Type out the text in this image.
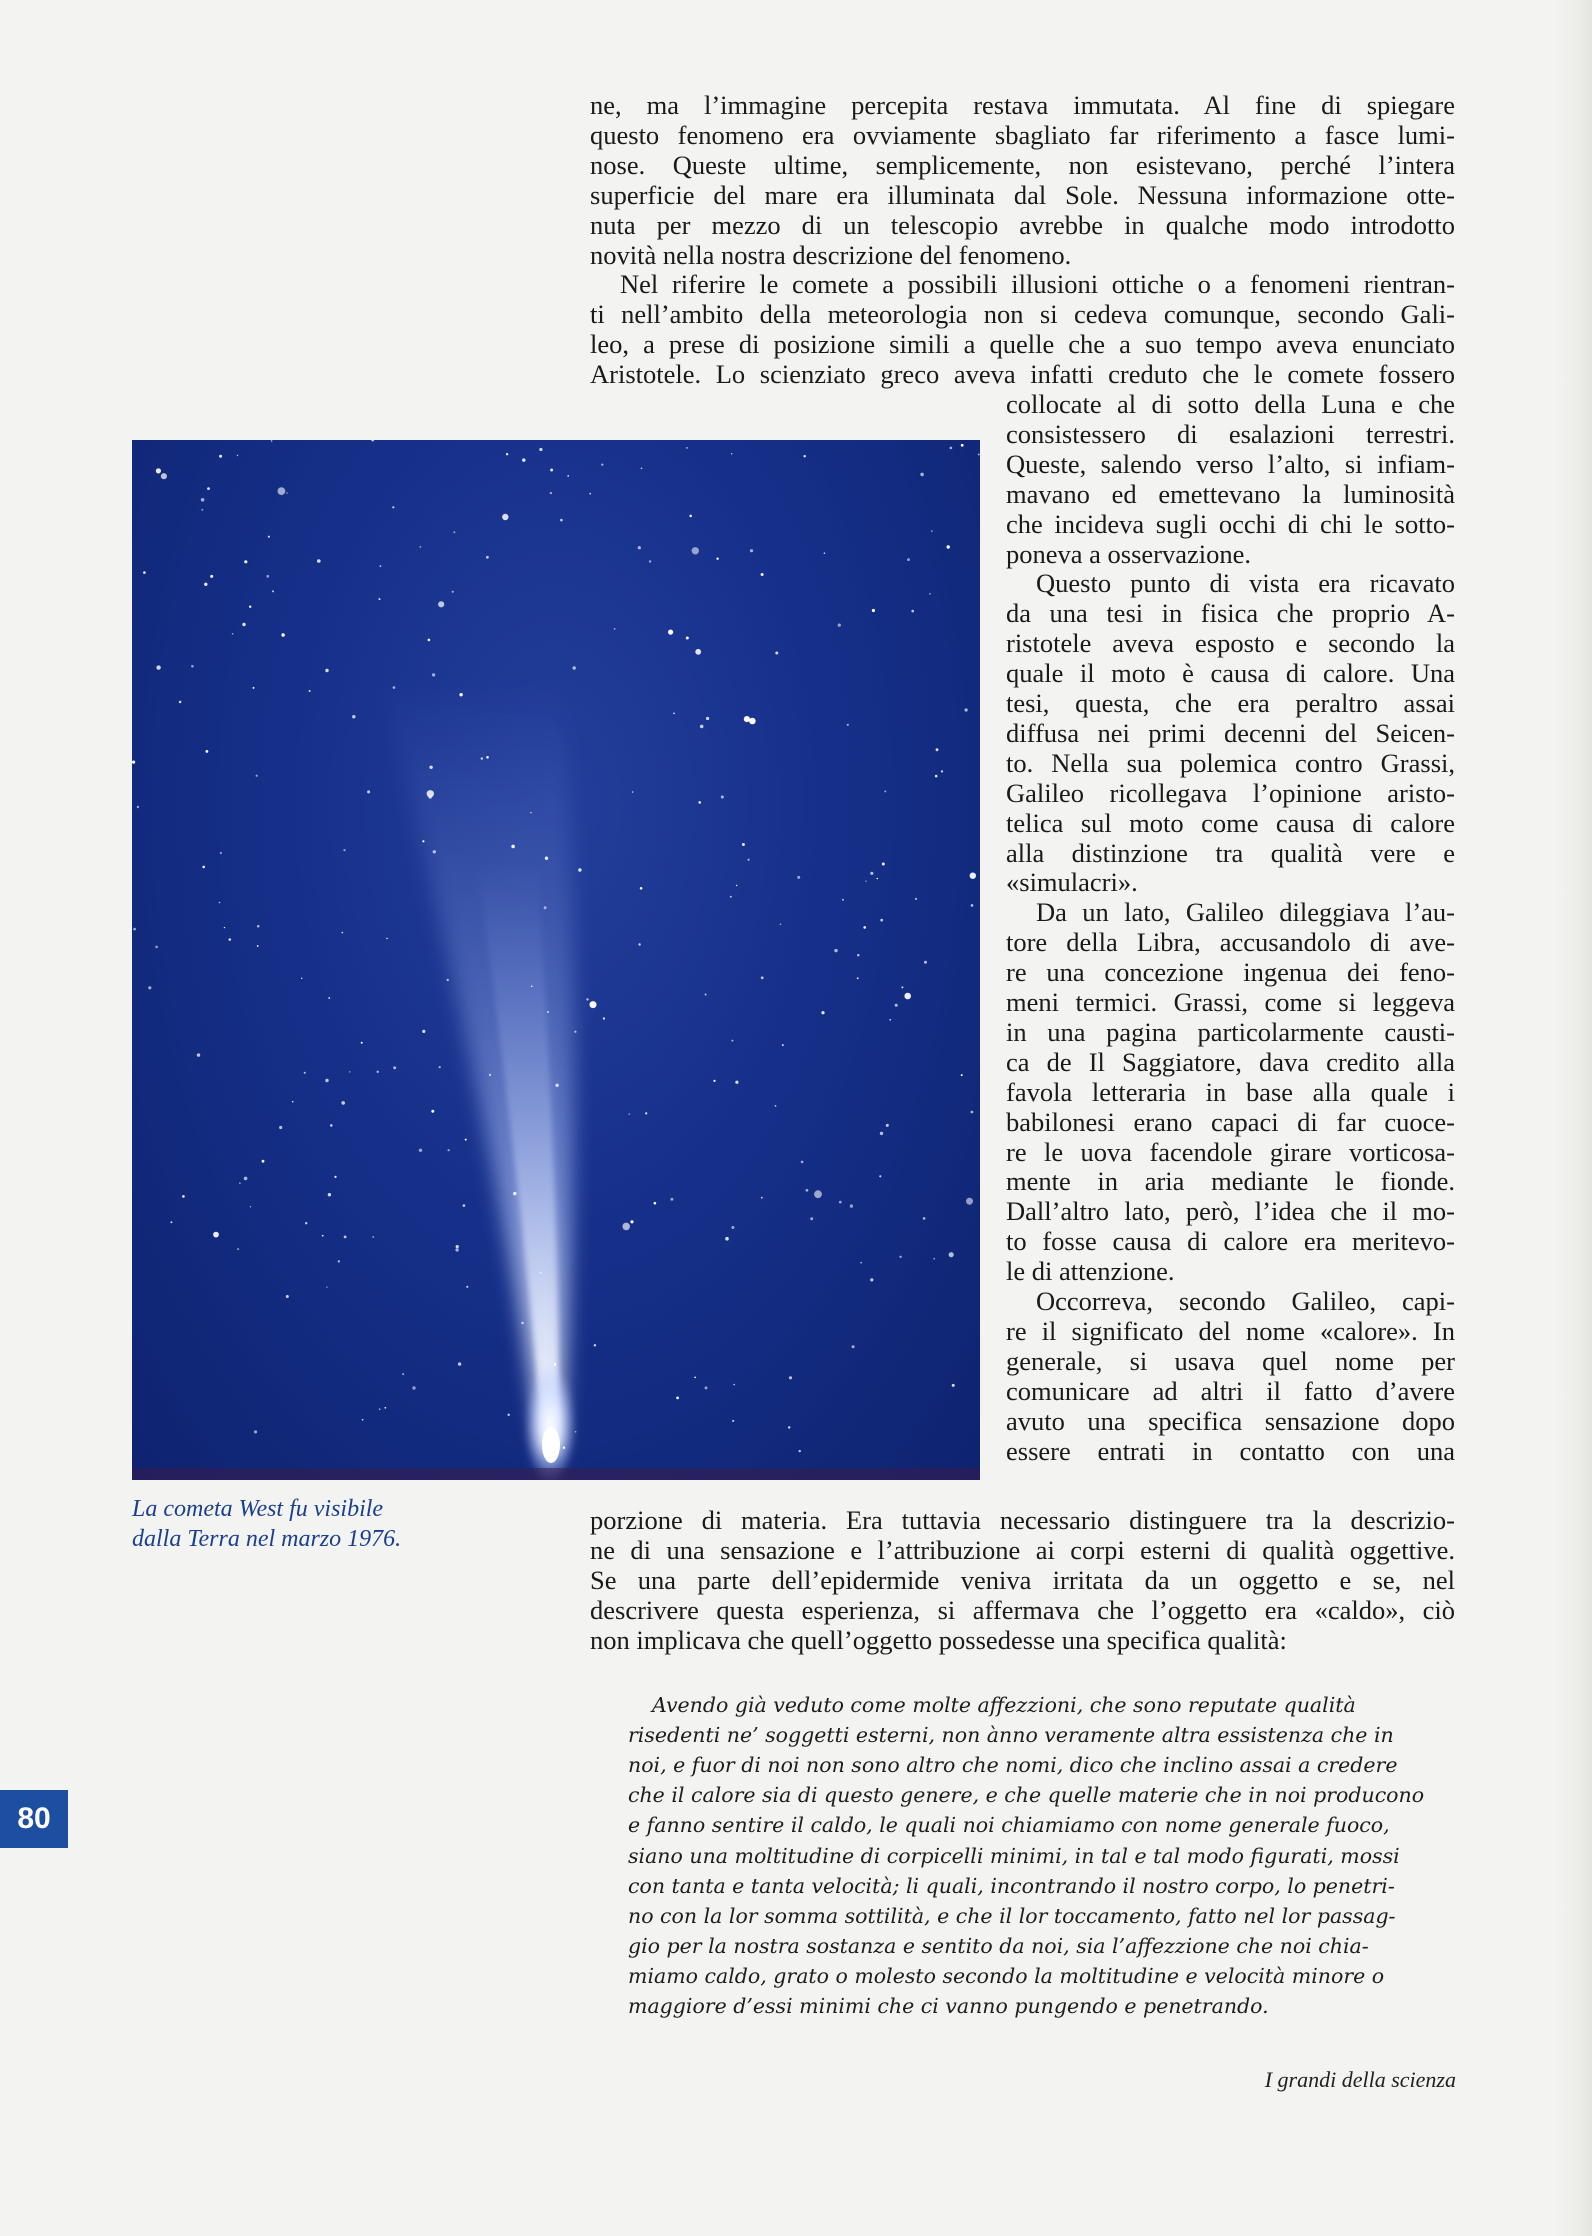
ne, ma l’immagine percepita restava immutata. Al fine di spiegare

questo fenomeno era ovviamente sbagliato far riferimento a fasce lumi-

nose. Queste ultime, semplicemente, non esistevano, perché l’intera

superficie del mare era illuminata dal Sole. Nessuna informazione otte-

nuta per mezzo di un telescopio avrebbe in qualche modo introdotto

novità nella nostra descrizione del fenomeno.

Nel riferire le comete a possibili illusioni ottiche o a fenomeni rientran-

ti nell’ambito della meteorologia non si cedeva comunque, secondo Gali-

leo, a prese di posizione simili a quelle che a suo tempo aveva enunciato

Aristotele. Lo scienziato greco aveva infatti creduto che le comete fossero

collocate al di sotto della Luna e che

consistessero di esalazioni terrestri.

Queste, salendo verso l’alto, si infiam-

mavano ed emettevano la luminosità

che incideva sugli occhi di chi le sotto-

poneva a osservazione.

Questo punto di vista era ricavato

da una tesi in fisica che proprio A-

ristotele aveva esposto e secondo la

quale il moto è causa di calore. Una

tesi, questa, che era peraltro assai

diffusa nei primi decenni del Seicen-

to. Nella sua polemica contro Grassi,

Galileo ricollegava l’opinione aristo-

telica sul moto come causa di calore

alla distinzione tra qualità vere e

«simulacri».

Da un lato, Galileo dileggiava l’au-

tore della Libra, accusandolo di ave-

re una concezione ingenua dei feno-

meni termici. Grassi, come si leggeva

in una pagina particolarmente causti-

ca de Il Saggiatore, dava credito alla

favola letteraria in base alla quale i

babilonesi erano capaci di far cuoce-

re le uova facendole girare vorticosa-

mente in aria mediante le fionde.

Dall’altro lato, però, l’idea che il mo-

to fosse causa di calore era meritevo-

le di attenzione.

Occorreva, secondo Galileo, capi-

re il significato del nome «calore». In

generale, si usava quel nome per

comunicare ad altri il fatto d’avere

avuto una specifica sensazione dopo

essere entrati in contatto con una

porzione di materia. Era tuttavia necessario distinguere tra la descrizio-

ne di una sensazione e l’attribuzione ai corpi esterni di qualità oggettive.

Se una parte dell’epidermide veniva irritata da un oggetto e se, nel

descrivere questa esperienza, si affermava che l’oggetto era «caldo», ciò

non implicava che quell’oggetto possedesse una specifica qualità:

La cometa West fu visibile
dalla Terra nel marzo 1976.
80

Avendo già veduto come molte affezzioni, che sono reputate qualità

risedenti ne’ soggetti esterni, non ànno veramente altra essistenza che in

noi, e fuor di noi non sono altro che nomi, dico che inclino assai a credere

che il calore sia di questo genere, e che quelle materie che in noi producono

e fanno sentire il caldo, le quali noi chiamiamo con nome generale fuoco,

siano una moltitudine di corpicelli minimi, in tal e tal modo figurati, mossi

con tanta e tanta velocità; li quali, incontrando il nostro corpo, lo penetri-

no con la lor somma sottilità, e che il lor toccamento, fatto nel lor passag-

gio per la nostra sostanza e sentito da noi, sia l’affezzione che noi chia-

miamo caldo, grato o molesto secondo la moltitudine e velocità minore o

maggiore d’essi minimi che ci vanno pungendo e penetrando.

I grandi della scienza
